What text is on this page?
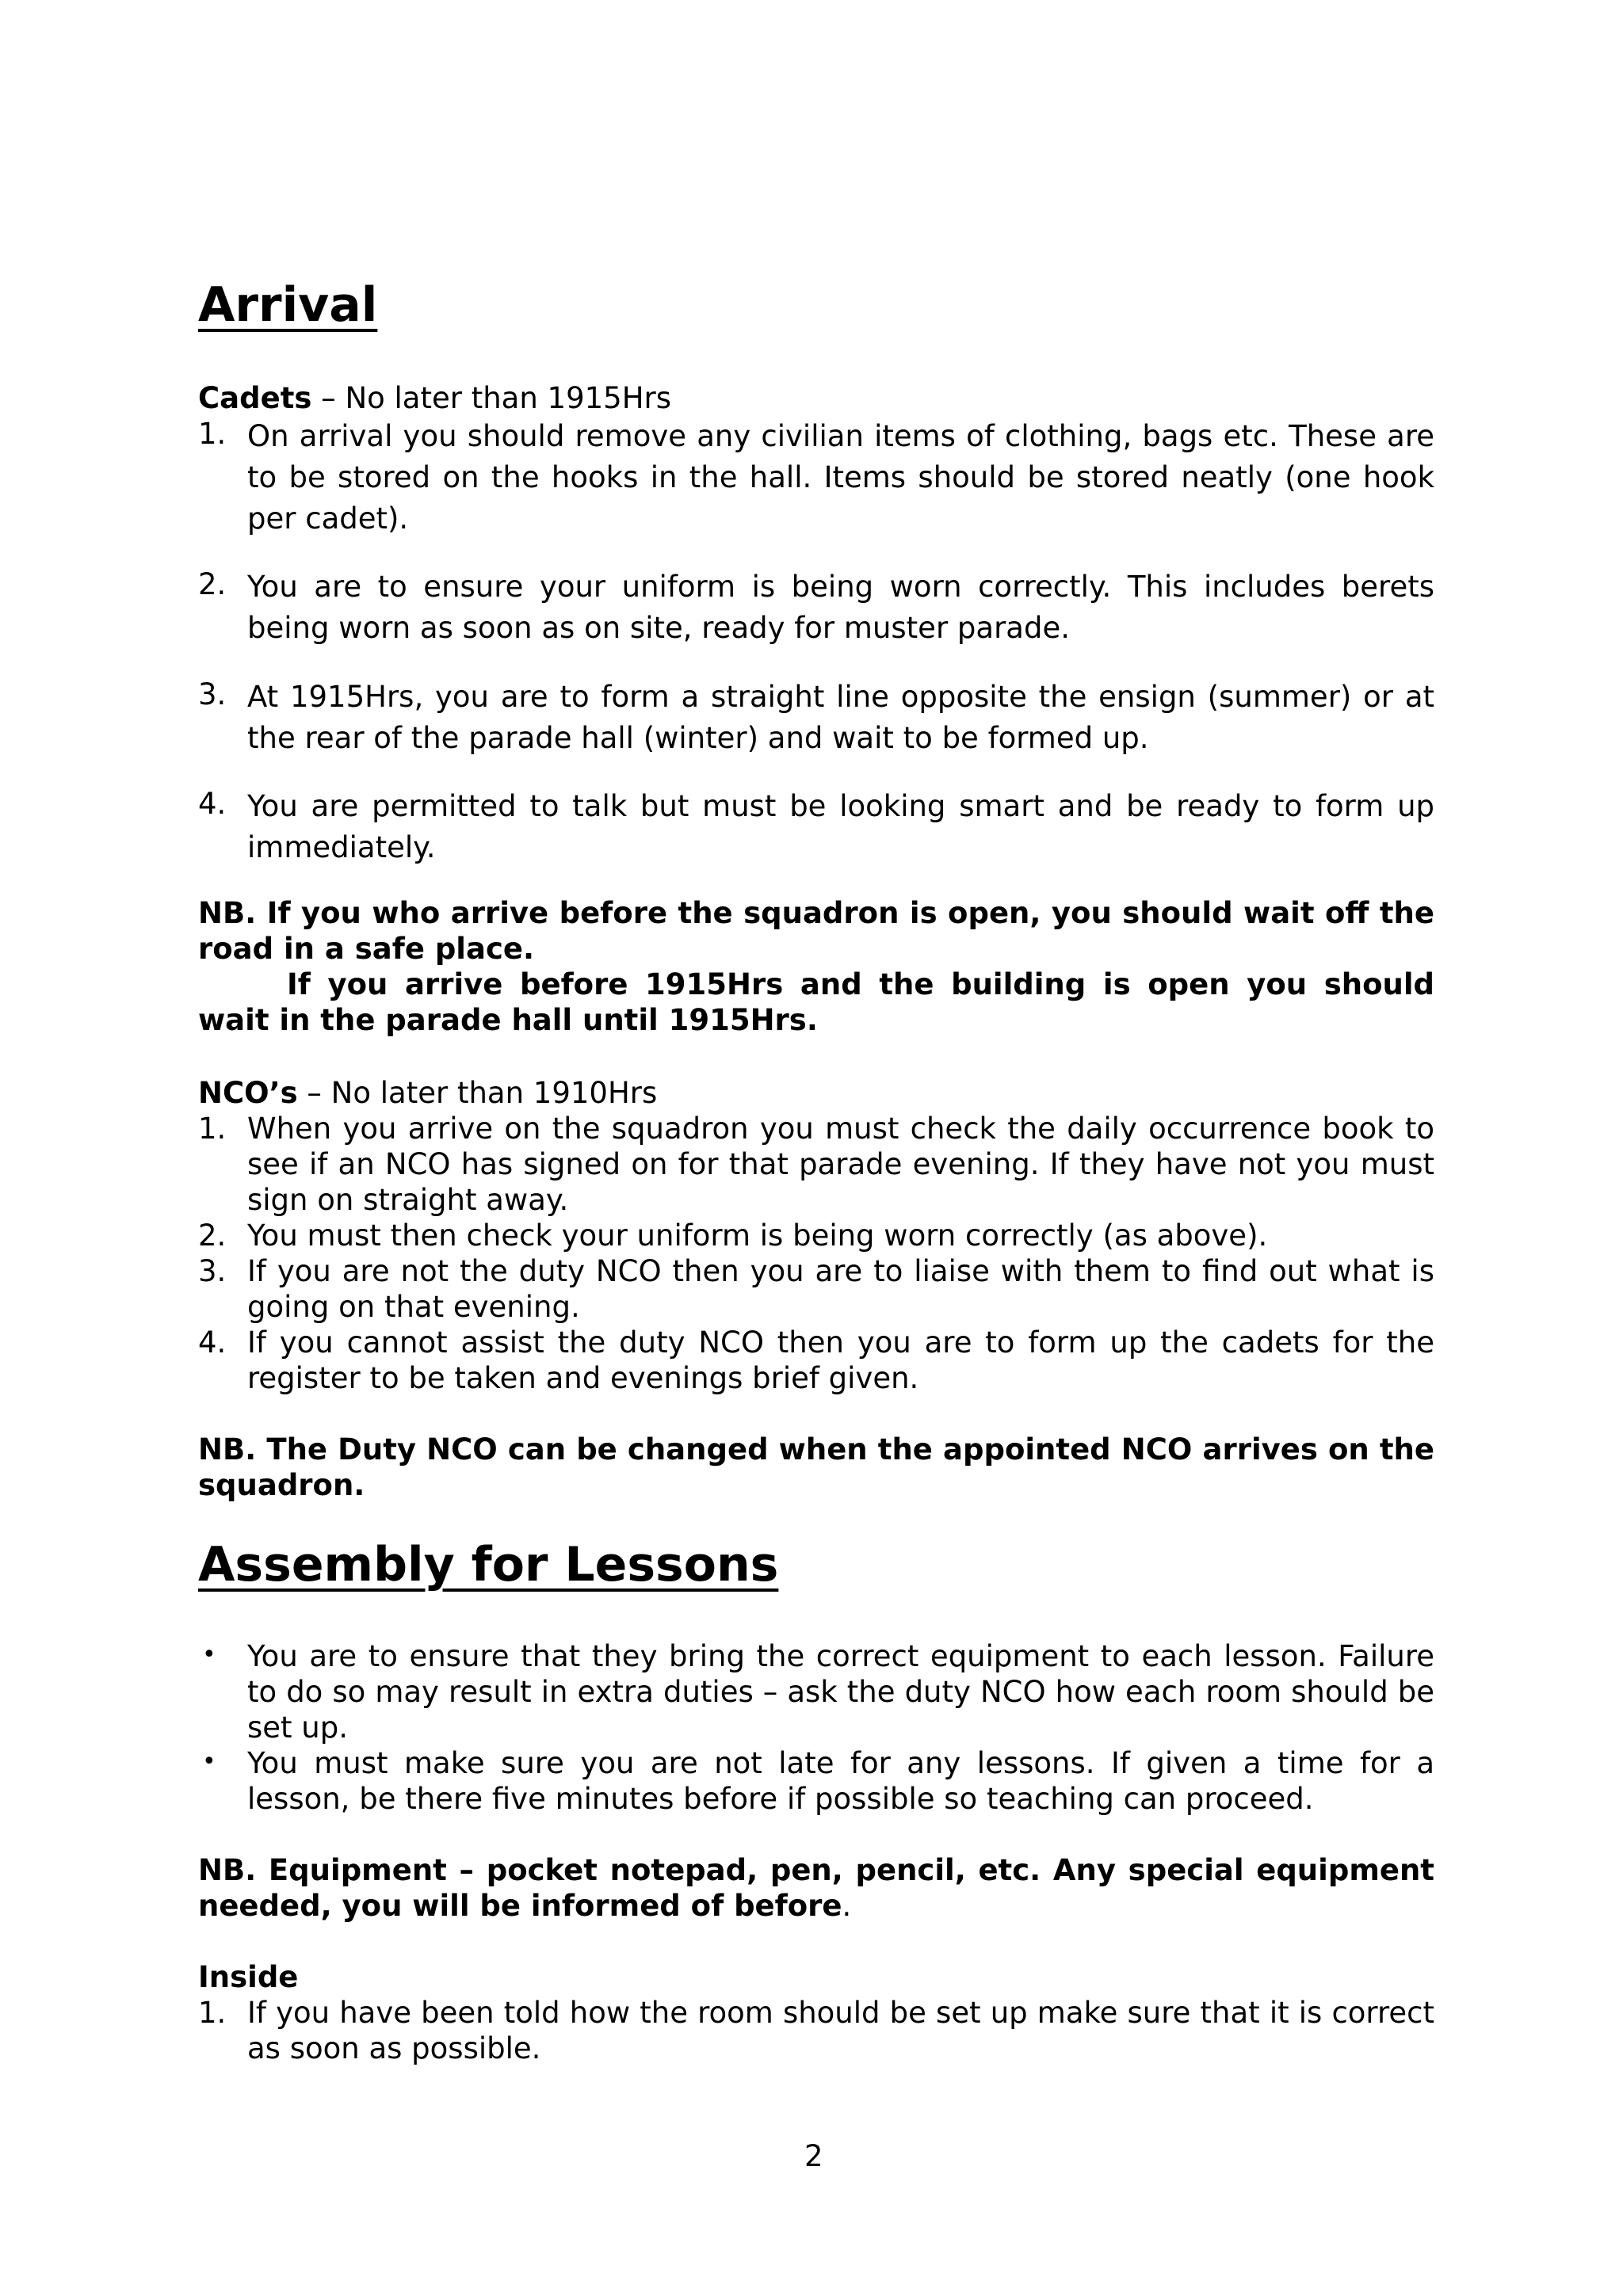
Arrival
Cadets – No later than 1915Hrs
1. On arrival you should remove any civilian items of clothing, bags etc. These are to be stored on the hooks in the hall. Items should be stored neatly (one hook per cadet).
2. You are to ensure your uniform is being worn correctly. This includes berets being worn as soon as on site, ready for muster parade.
3. At 1915Hrs, you are to form a straight line opposite the ensign (summer) or at the rear of the parade hall (winter) and wait to be formed up.
4. You are permitted to talk but must be looking smart and be ready to form up immediately.
NB. If you who arrive before the squadron is open, you should wait off the road in a safe place.
If you arrive before 1915Hrs and the building is open you should wait in the parade hall until 1915Hrs.
NCO’s – No later than 1910Hrs
1. When you arrive on the squadron you must check the daily occurrence book to see if an NCO has signed on for that parade evening. If they have not you must sign on straight away.
2. You must then check your uniform is being worn correctly (as above).
3. If you are not the duty NCO then you are to liaise with them to find out what is going on that evening.
4. If you cannot assist the duty NCO then you are to form up the cadets for the register to be taken and evenings brief given.
NB. The Duty NCO can be changed when the appointed NCO arrives on the squadron.
Assembly for Lessons
• You are to ensure that they bring the correct equipment to each lesson. Failure to do so may result in extra duties – ask the duty NCO how each room should be set up.
• You must make sure you are not late for any lessons. If given a time for a lesson, be there five minutes before if possible so teaching can proceed.
NB. Equipment – pocket notepad, pen, pencil, etc. Any special equipment needed, you will be informed of before.
Inside
1. If you have been told how the room should be set up make sure that it is correct as soon as possible.
2
